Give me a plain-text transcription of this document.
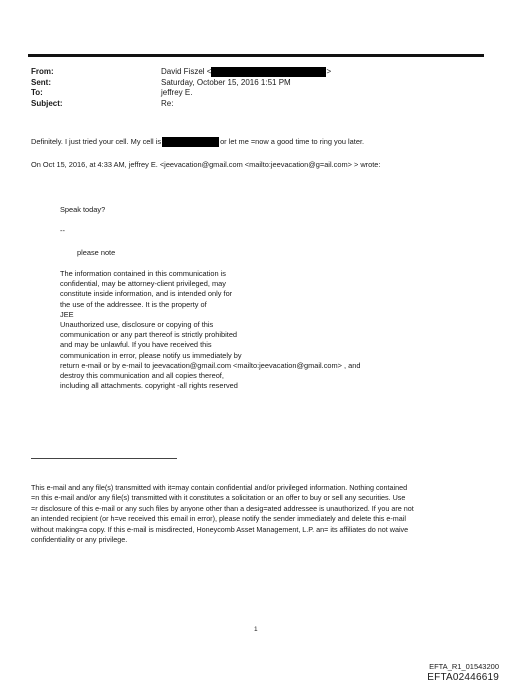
From:	David Fiszel <	>
Sent:	Saturday, October 15, 2016 1:51 PM
To:	jeffrey E.
Subject:	Re:
Definitely. I just tried your cell. My cell is	or let me =now a good time to ring you later.
On Oct 15, 2016, at 4:33 AM, jeffrey E. <jeevacation@gmail.com <mailto:jeevacation@g=ail.com> > wrote:
Speak today?
--
please note
The information contained in this communication is
confidential, may be attorney-client privileged, may
constitute inside information, and is intended only for
the use of the addressee. It is the property of
JEE
Unauthorized use, disclosure or copying of this
communication or any part thereof is strictly prohibited
and may be unlawful. If you have received this
communication in error, please notify us immediately by
return e-mail or by e-mail to jeevacation@gmail.com <mailto:jeevacation@gmail.com> , and
destroy this communication and all copies thereof,
including all attachments. copyright -all rights reserved
This e-mail and any file(s) transmitted with it=may contain confidential and/or privileged information. Nothing contained
=n this e-mail and/or any file(s) transmitted with it constitutes a solicitation or an offer to buy or sell any securities. Use
=r disclosure of this e-mail or any such files by anyone other than a desig=ated addressee is unauthorized. If you are not
an intended recipient (or h=ve received this email in error), please notify the sender immediately and delete this e-mail
without making=a copy. If this e-mail is misdirected, Honeycomb Asset Management, L.P. an= its affiliates do not waive
confidentiality or any privilege.
1
EFTA_R1_01543200
EFTA02446619
